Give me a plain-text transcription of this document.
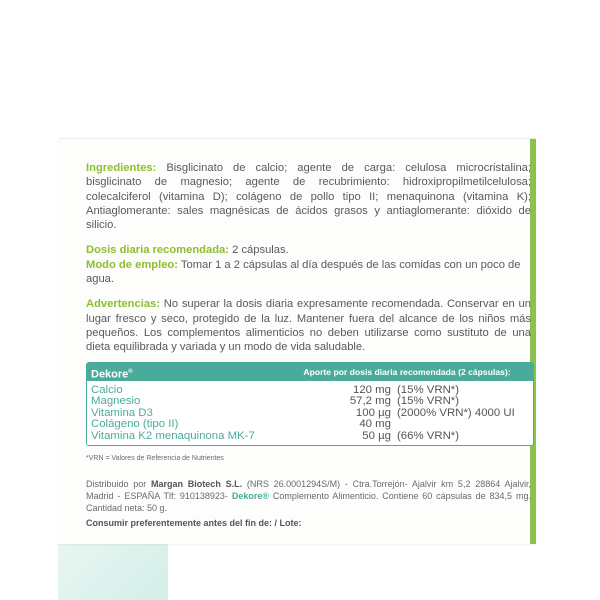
Ingredientes: Bisglicinato de calcio; agente de carga: celulosa microcristalina; bisglicinato de magnesio; agente de recubrimiento: hidroxipropilmetilcelulosa; colecalciferol (vitamina D); colágeno de pollo tipo II; menaquinona (vitamina K); Antiaglomerante: sales magnésicas de ácidos grasos y antiaglomerante: dióxido de silicio.

Dosis diaria recomendada: 2 cápsulas.

Modo de empleo: Tomar 1 a 2 cápsulas al día después de las comidas con un poco de agua.

Advertencias: No superar la dosis diaria expresamente recomendada. Conservar en un lugar fresco y seco, protegido de la luz. Mantener fuera del alcance de los niños más pequeños. Los complementos alimenticios no deben utilizarse como sustituto de una dieta equilibrada y variada y un modo de vida saludable.

Dekore®	Aporte por dosis diaria recomendada (2 cápsulas):
Calcio
Magnesio
Vitamina D3
Colágeno (tipo II)
Vitamina K2 menaquinona MK-7
120 mg (15% VRN*)
57,2 mg (15% VRN*)
100 µg (2000% VRN*) 4000 UI
40 mg
50 µg (66% VRN*)
*VRN = Valores de Referencia de Nutrientes

Distribuido por Margan Biotech S.L. (NRS 26.0001294S/M) - Ctra.Torrejón- Ajalvir km 5,2 28864 Ajalvir, Madrid - ESPAÑA Tlf: 910138923- Dekore® Complemento Alimenticio. Contiene 60 cápsulas de 834,5 mg. Cantidad neta: 50 g.

Consumir preferentemente antes del fin de: / Lote:
